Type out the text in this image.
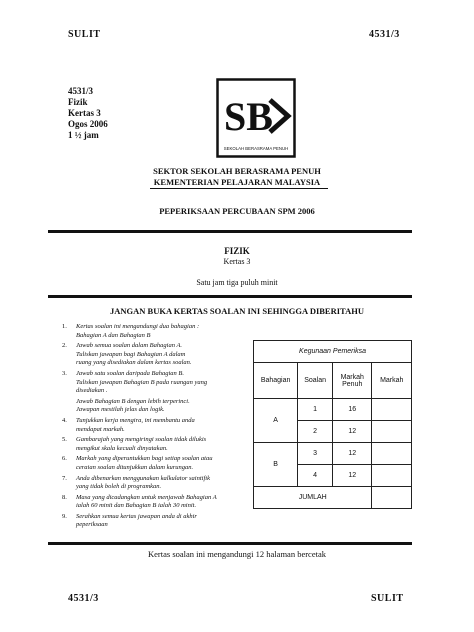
SULIT	4531/3
4531/3
Fizik
Kertas 3
Ogos 2006
1 ½ jam	SB
SEKOLAH BERASRAMA PENUH
SEKTOR SEKOLAH BERASRAMA PENUH
KEMENTERIAN PELAJARAN MALAYSIA
PEPERIKSAAN PERCUBAAN SPM 2006
FIZIK
Kertas 3
Satu jam tiga puluh minit
JANGAN BUKA KERTAS SOALAN INI SEHINGGA DIBERITAHU
1.	Kertas soalan ini mengandungi dua bahagian :
Bahagian A dan Bahagian B
2.	Jawab semua soalan dalam Bahagian A.
Tuliskan jawapan bagi Bahagian A dalam
ruang yang disediakan dalam kertas soalan.
3.	Jawab satu soalan daripada Bahagian B.
Tuliskan jawapan Bahagian B pada ruangan yang
disediakan .
Jawab Bahagian B dengan lebih terperinci.
Jawapan mestilah jelas dan logik.
4.	Tunjukkan kerja mengira, ini membantu anda
mendapat markah.
5.	Gambarajah yang mengiringi soalan tidak dilukis
mengikut skala kecuali dinyatakan.
6.	Markah yang diperuntukkan bagi setiap soalan atau
ceraian soalan ditunjukkan dalam kurungan.
7.	Anda dibenarkan menggunakan kalkulator saintifik
yang tidak boleh di programkan.
8.	Masa yang dicadangkan untuk menjawab Bahagian A
ialah 60 minit dan Bahagian B ialah 30 minit.
9.	Serahkan semua kertas jawapan anda di akhir
peperiksaan
Kegunaan Pemeriksa			
Bahagian	Soalan	Markah Penuh	Markah
A	1	16	
	2	12	
B	3	12	
	4	12	
JUMLAH			
Kertas soalan ini mengandungi 12 halaman bercetak
4531/3	SULIT
